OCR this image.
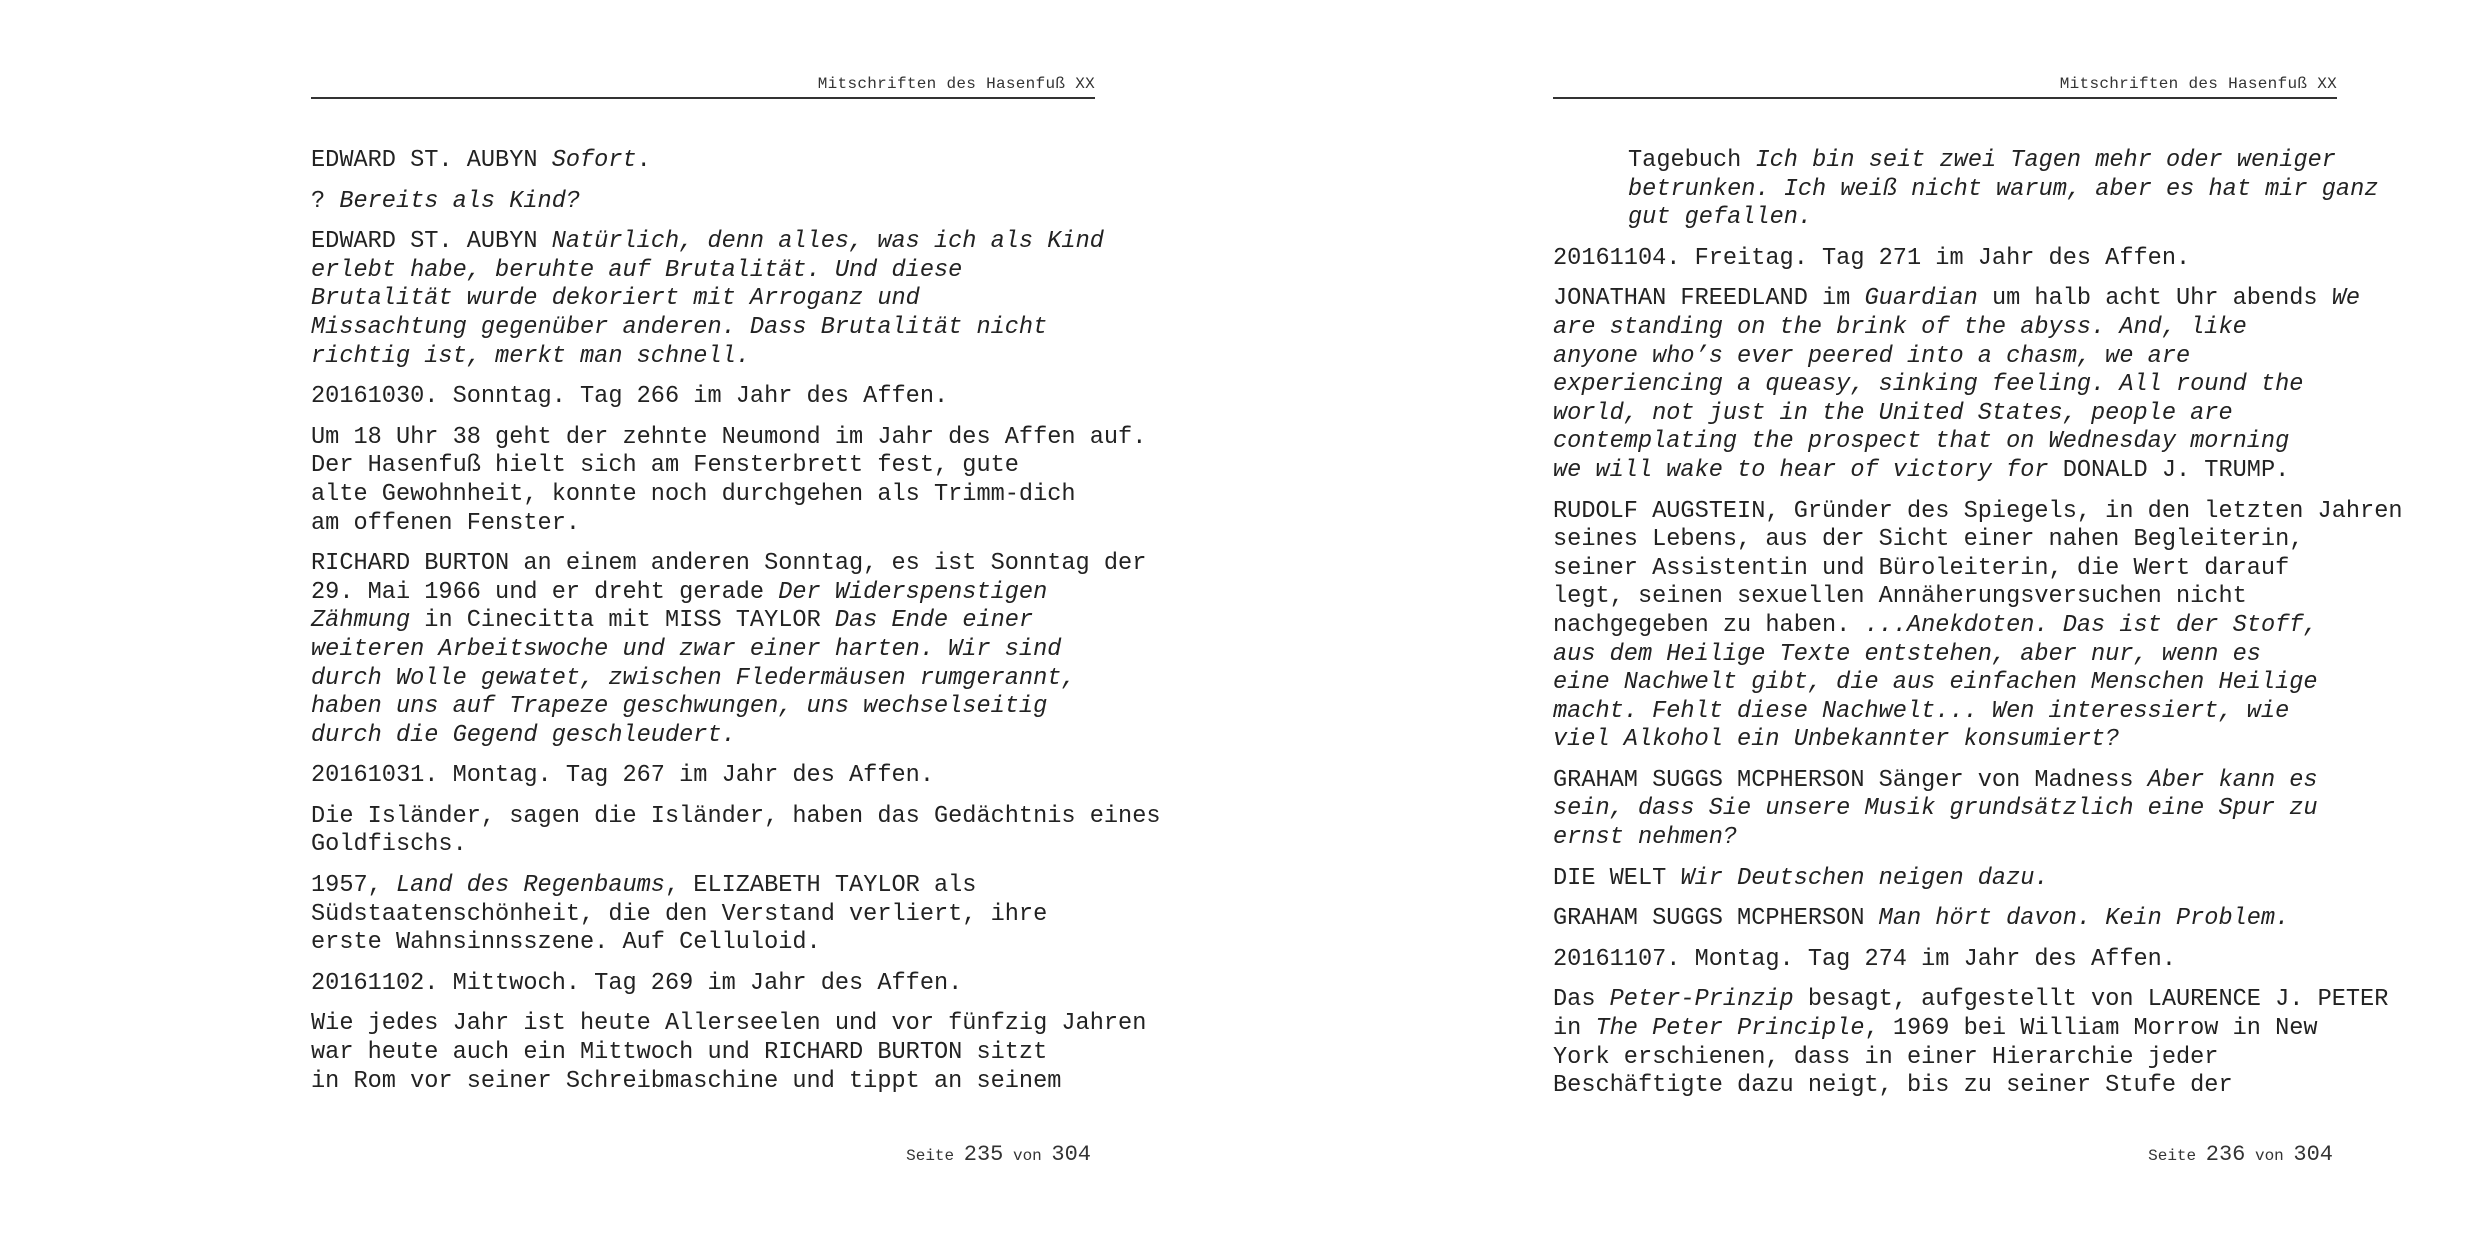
Mitschriften des Hasenfuß XX

EDWARD ST. AUBYN Sofort.

? Bereits als Kind?

EDWARD ST. AUBYN Natürlich, denn alles, was ich als Kind
erlebt habe, beruhte auf Brutalität. Und diese
Brutalität wurde dekoriert mit Arroganz und
Missachtung gegenüber anderen. Dass Brutalität nicht
richtig ist, merkt man schnell.

20161030. Sonntag. Tag 266 im Jahr des Affen.

Um 18 Uhr 38 geht der zehnte Neumond im Jahr des Affen auf.
Der Hasenfuß hielt sich am Fensterbrett fest, gute
alte Gewohnheit, konnte noch durchgehen als Trimm-dich
am offenen Fenster.

RICHARD BURTON an einem anderen Sonntag, es ist Sonntag der
29. Mai 1966 und er dreht gerade Der Widerspenstigen
Zähmung in Cinecitta mit MISS TAYLOR Das Ende einer
weiteren Arbeitswoche und zwar einer harten. Wir sind
durch Wolle gewatet, zwischen Fledermäusen rumgerannt,
haben uns auf Trapeze geschwungen, uns wechselseitig
durch die Gegend geschleudert.

20161031. Montag. Tag 267 im Jahr des Affen.

Die Isländer, sagen die Isländer, haben das Gedächtnis eines
Goldfischs.

1957, Land des Regenbaums, ELIZABETH TAYLOR als
Südstaatenschönheit, die den Verstand verliert, ihre
erste Wahnsinnsszene. Auf Celluloid.

20161102. Mittwoch. Tag 269 im Jahr des Affen.

Wie jedes Jahr ist heute Allerseelen und vor fünfzig Jahren
war heute auch ein Mittwoch und RICHARD BURTON sitzt
in Rom vor seiner Schreibmaschine und tippt an seinem

Seite 235 von 304
Mitschriften des Hasenfuß XX

Tagebuch Ich bin seit zwei Tagen mehr oder weniger
betrunken. Ich weiß nicht warum, aber es hat mir ganz
gut gefallen.

20161104. Freitag. Tag 271 im Jahr des Affen.

JONATHAN FREEDLAND im Guardian um halb acht Uhr abends We
are standing on the brink of the abyss. And, like
anyone who’s ever peered into a chasm, we are
experiencing a queasy, sinking feeling. All round the
world, not just in the United States, people are
contemplating the prospect that on Wednesday morning
we will wake to hear of victory for DONALD J. TRUMP.

RUDOLF AUGSTEIN, Gründer des Spiegels, in den letzten Jahren
seines Lebens, aus der Sicht einer nahen Begleiterin,
seiner Assistentin und Büroleiterin, die Wert darauf
legt, seinen sexuellen Annäherungsversuchen nicht
nachgegeben zu haben. ...Anekdoten. Das ist der Stoff,
aus dem Heilige Texte entstehen, aber nur, wenn es
eine Nachwelt gibt, die aus einfachen Menschen Heilige
macht. Fehlt diese Nachwelt... Wen interessiert, wie
viel Alkohol ein Unbekannter konsumiert?

GRAHAM SUGGS MCPHERSON Sänger von Madness Aber kann es
sein, dass Sie unsere Musik grundsätzlich eine Spur zu
ernst nehmen?

DIE WELT Wir Deutschen neigen dazu.

GRAHAM SUGGS MCPHERSON Man hört davon. Kein Problem.

20161107. Montag. Tag 274 im Jahr des Affen.

Das Peter-Prinzip besagt, aufgestellt von LAURENCE J. PETER
in The Peter Principle, 1969 bei William Morrow in New
York erschienen, dass in einer Hierarchie jeder
Beschäftigte dazu neigt, bis zu seiner Stufe der

Seite 236 von 304
